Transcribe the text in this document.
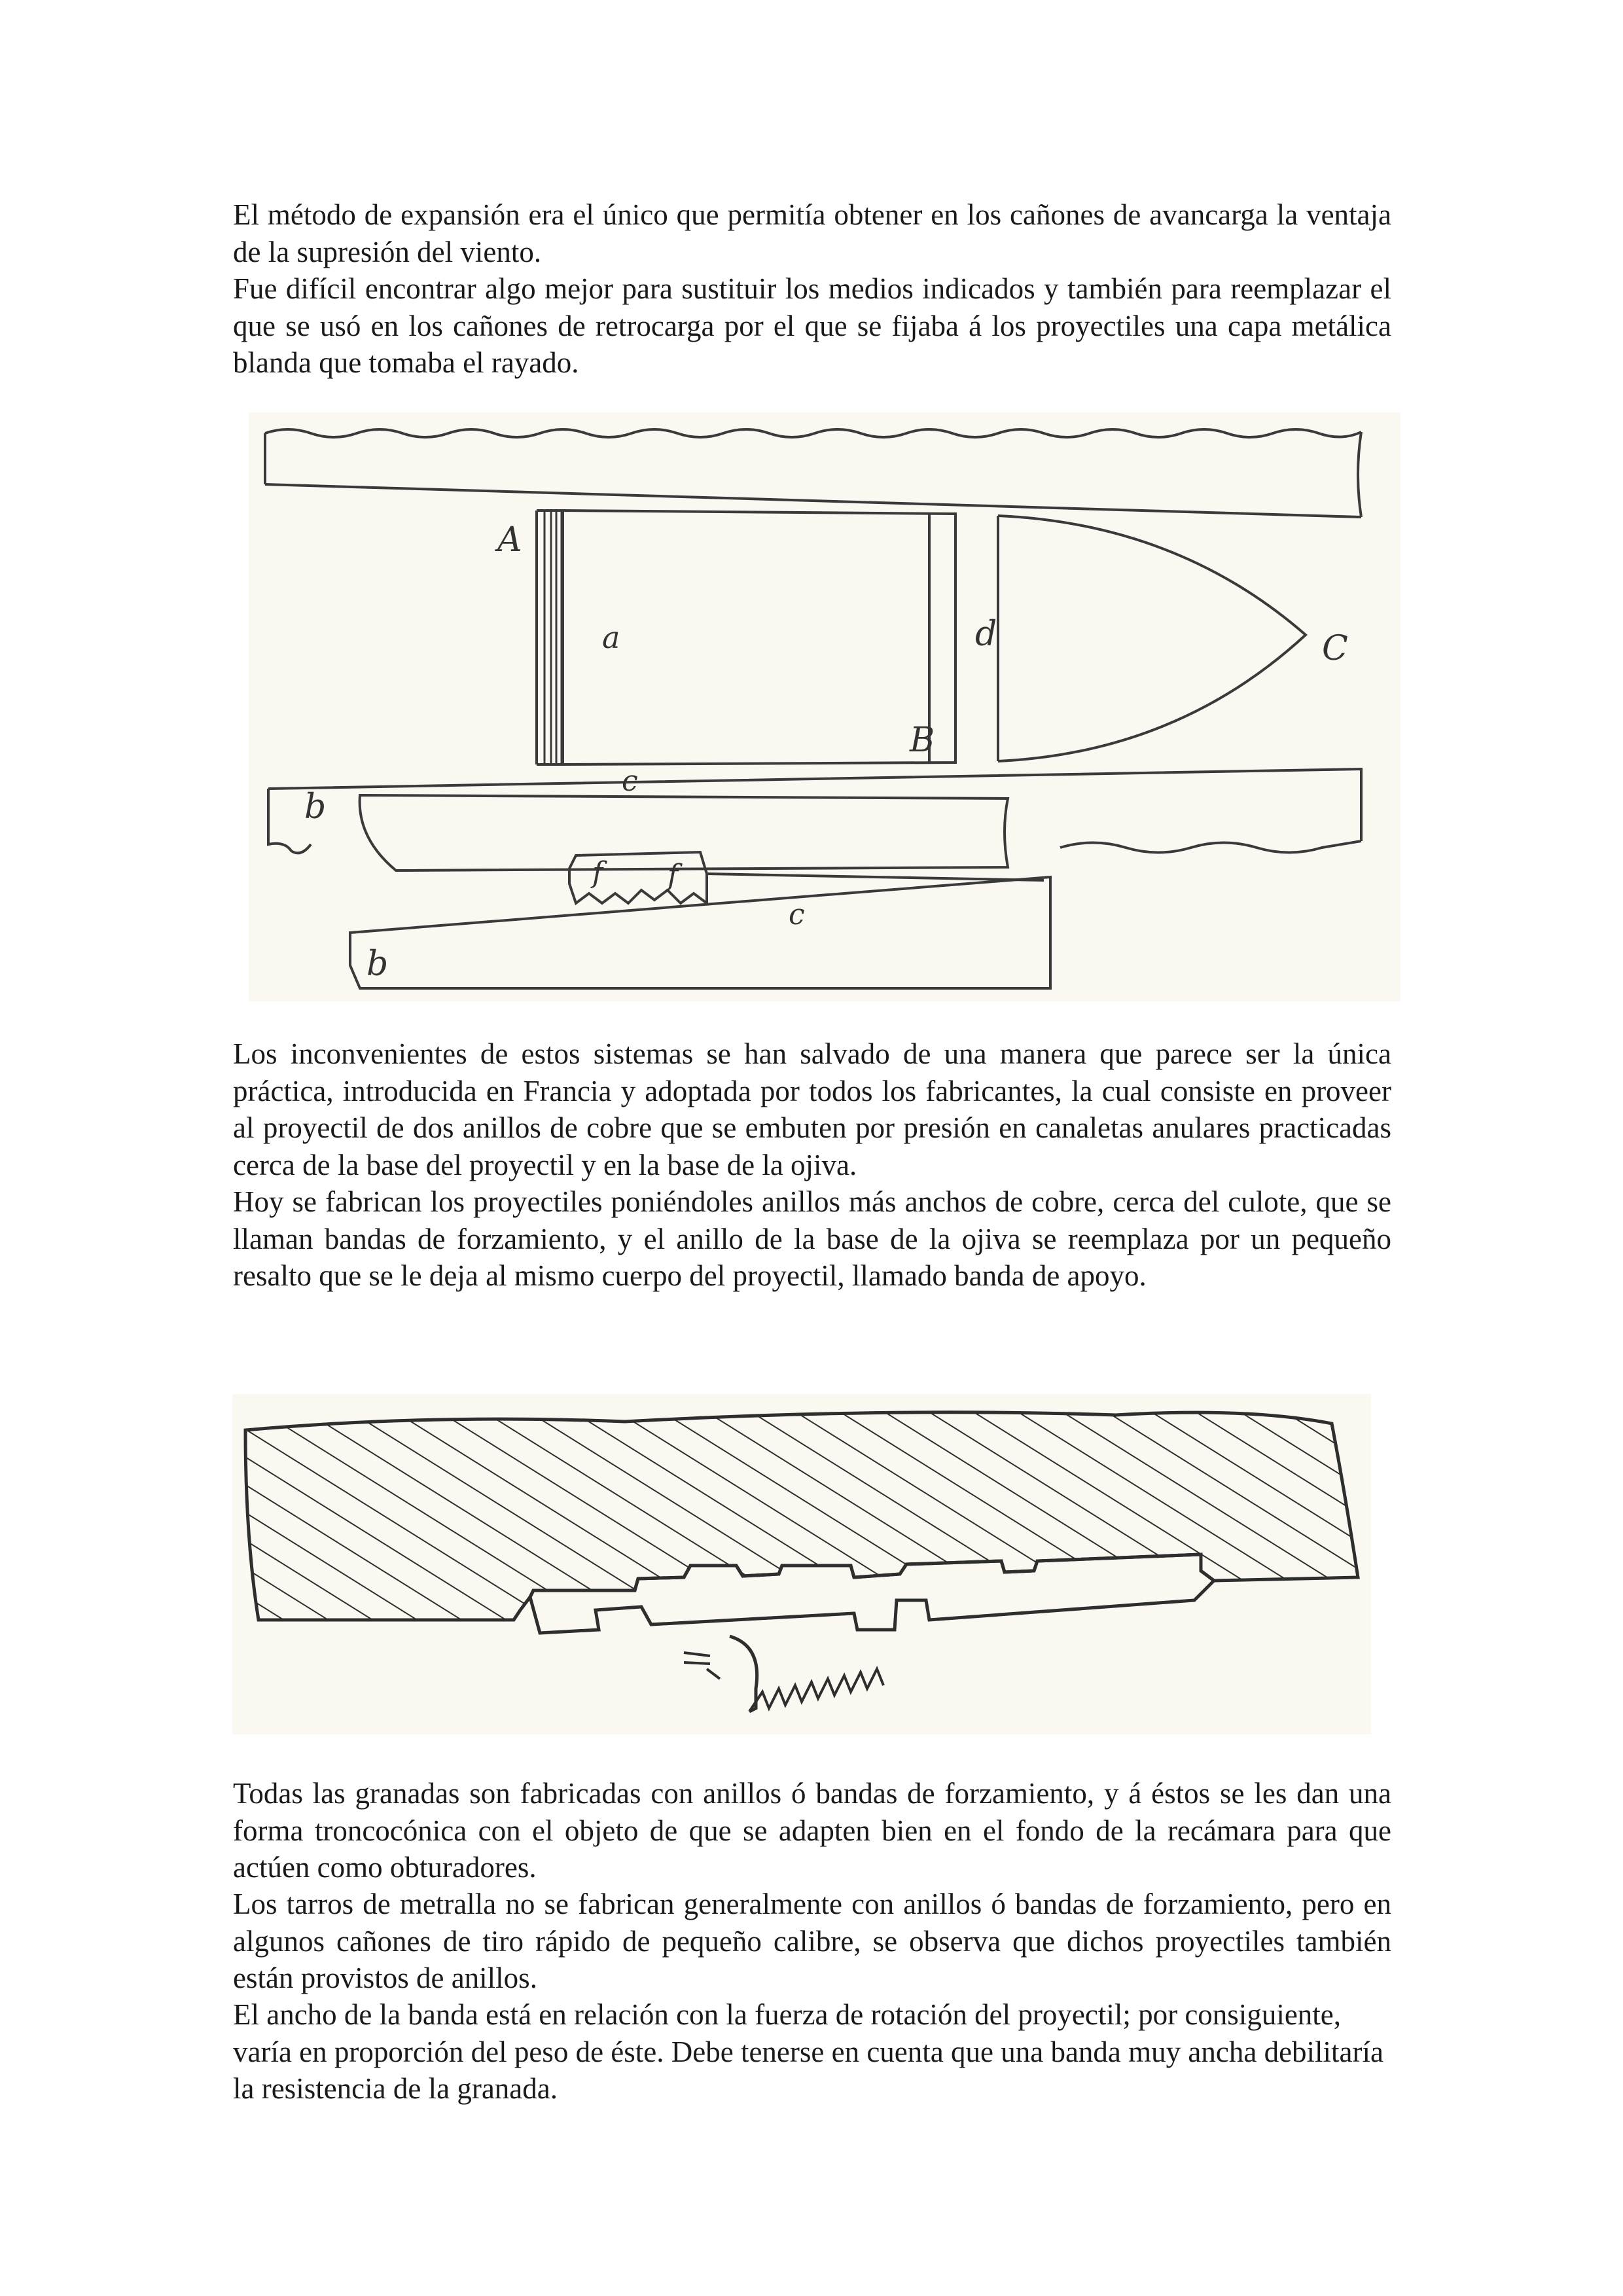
El método de expansión era el único que permitía obtener en los cañones de avancarga la ventaja de la supresión del viento.

Fue difícil encontrar algo mejor para sustituir los medios indicados y también para reemplazar el que se usó en los cañones de retrocarga por el que se fijaba á los proyectiles una capa metálica blanda que tomaba el rayado.

A
a	d	C
B
c
b
f f
c
b

Los inconvenientes de estos sistemas se han salvado de una manera que parece ser la única práctica, introducida en Francia y adoptada por todos los fabricantes, la cual consiste en proveer al proyectil de dos anillos de cobre que se embuten por presión en canaletas anulares practicadas cerca de la base del proyectil y en la base de la ojiva.

Hoy se fabrican los proyectiles poniéndoles anillos más anchos de cobre, cerca del culote, que se llaman bandas de forzamiento, y el anillo de la base de la ojiva se reemplaza por un pequeño resalto que se le deja al mismo cuerpo del proyectil, llamado banda de apoyo.

Todas las granadas son fabricadas con anillos ó bandas de forzamiento, y á éstos se les dan una forma troncocónica con el objeto de que se adapten bien en el fondo de la recámara para que actúen como obturadores.

Los tarros de metralla no se fabrican generalmente con anillos ó bandas de forzamiento, pero en algunos cañones de tiro rápido de pequeño calibre, se observa que dichos proyectiles también están provistos de anillos.

El ancho de la banda está en relación con la fuerza de rotación del proyectil; por consiguiente, varía en proporción del peso de éste. Debe tenerse en cuenta que una banda muy ancha debilitaría la resistencia de la granada.
